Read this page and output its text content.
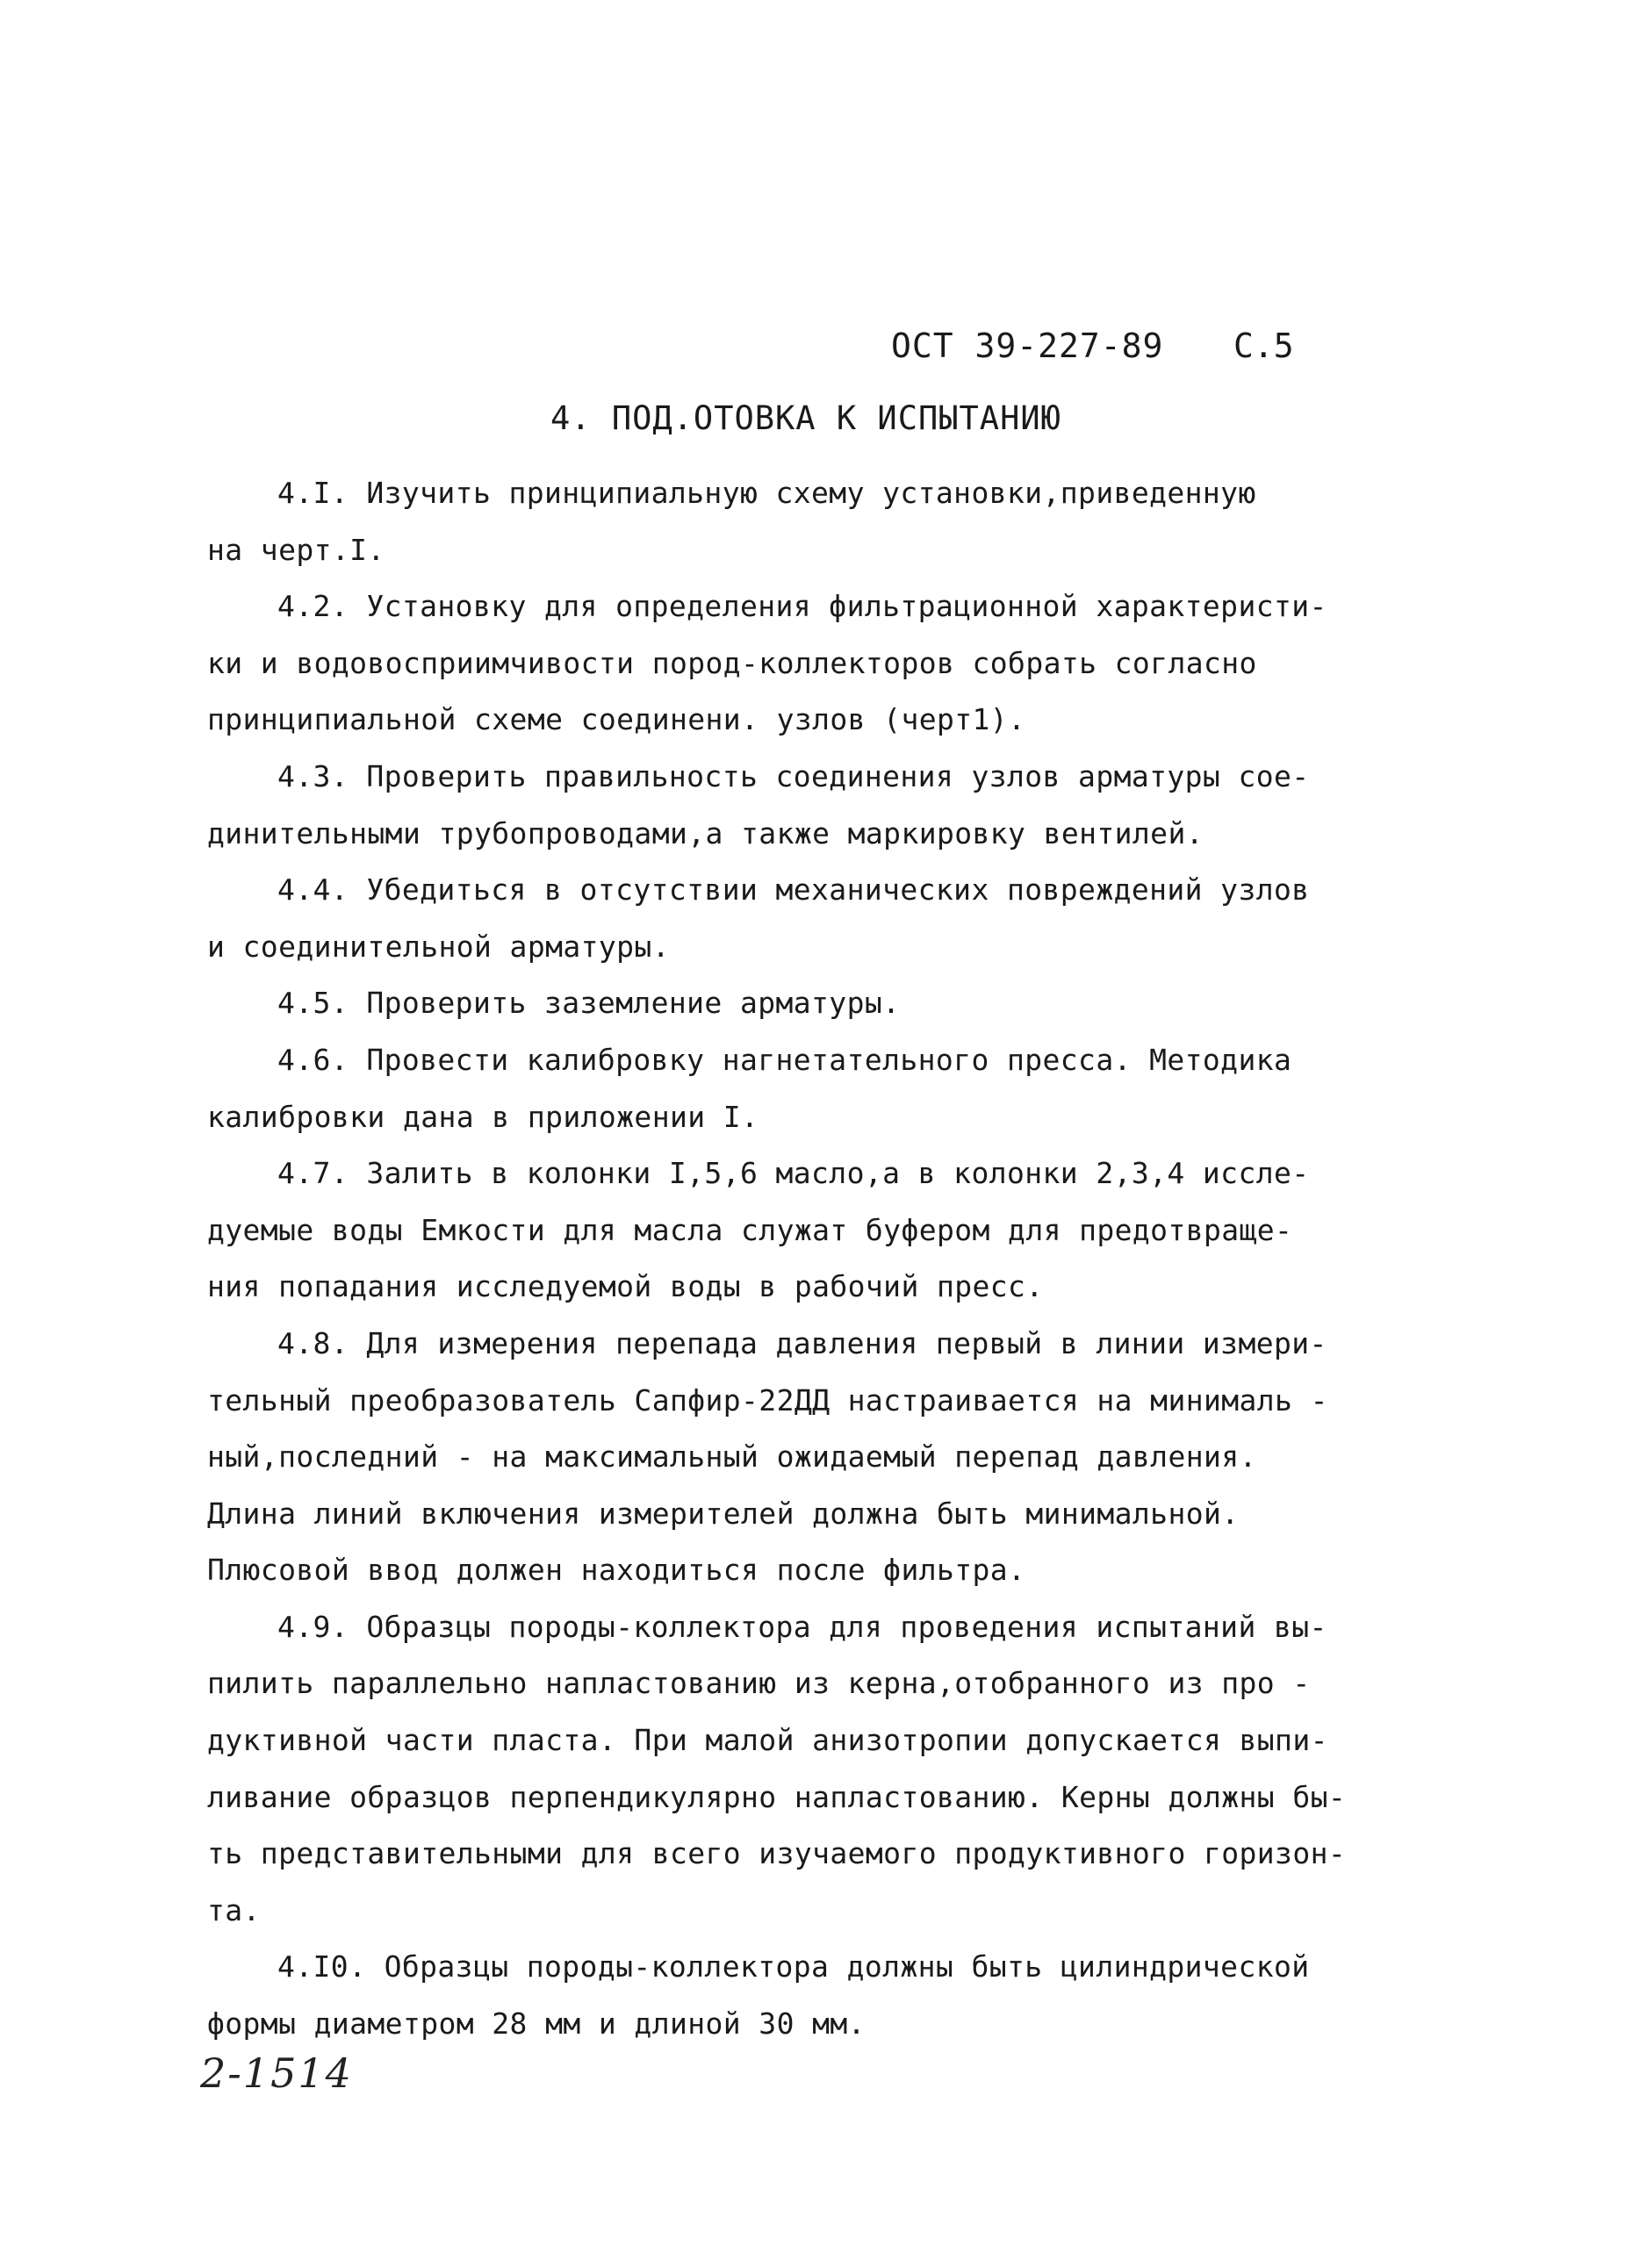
ОСТ 39-227-89 С.5
4. ПОД.ОТОВКА К ИСПЫТАНИЮ
4.I. Изучить принципиальную схему установки,приведенную
на черт.I.
4.2. Установку для определения фильтрационной характеристи-
ки и водовосприимчивости пород-коллекторов собрать согласно
принципиальной схеме соединени. узлов (черт1).
4.3. Проверить правильность соединения узлов арматуры сое-
динительными трубопроводами,а также маркировку вентилей.
4.4. Убедиться в отсутствии механических повреждений узлов
и соединительной арматуры.
4.5. Проверить заземление арматуры.
4.6. Провести калибровку нагнетательного пресса. Методика
калибровки дана в приложении I.
4.7. Залить в колонки I,5,6 масло,а в колонки 2,3,4 иссле-
дуемые воды Емкости для масла служат буфером для предотвраще-
ния попадания исследуемой воды в рабочий пресс.
4.8. Для измерения перепада давления первый в линии измери-
тельный преобразователь Сапфир-22ДД настраивается на минималь -
ный,последний - на максимальный ожидаемый перепад давления.
Длина линий включения измерителей должна быть минимальной.
Плюсовой ввод должен находиться после фильтра.
4.9. Образцы породы-коллектора для проведения испытаний вы-
пилить параллельно напластованию из керна,отобранного из про -
дуктивной части пласта. При малой анизотропии допускается выпи-
ливание образцов перпендикулярно напластованию. Керны должны бы-
ть представительными для всего изучаемого продуктивного горизон-
та.
4.I0. Образцы породы-коллектора должны быть цилиндрической
формы диаметром 28 мм и длиной 30 мм.
2-1514
